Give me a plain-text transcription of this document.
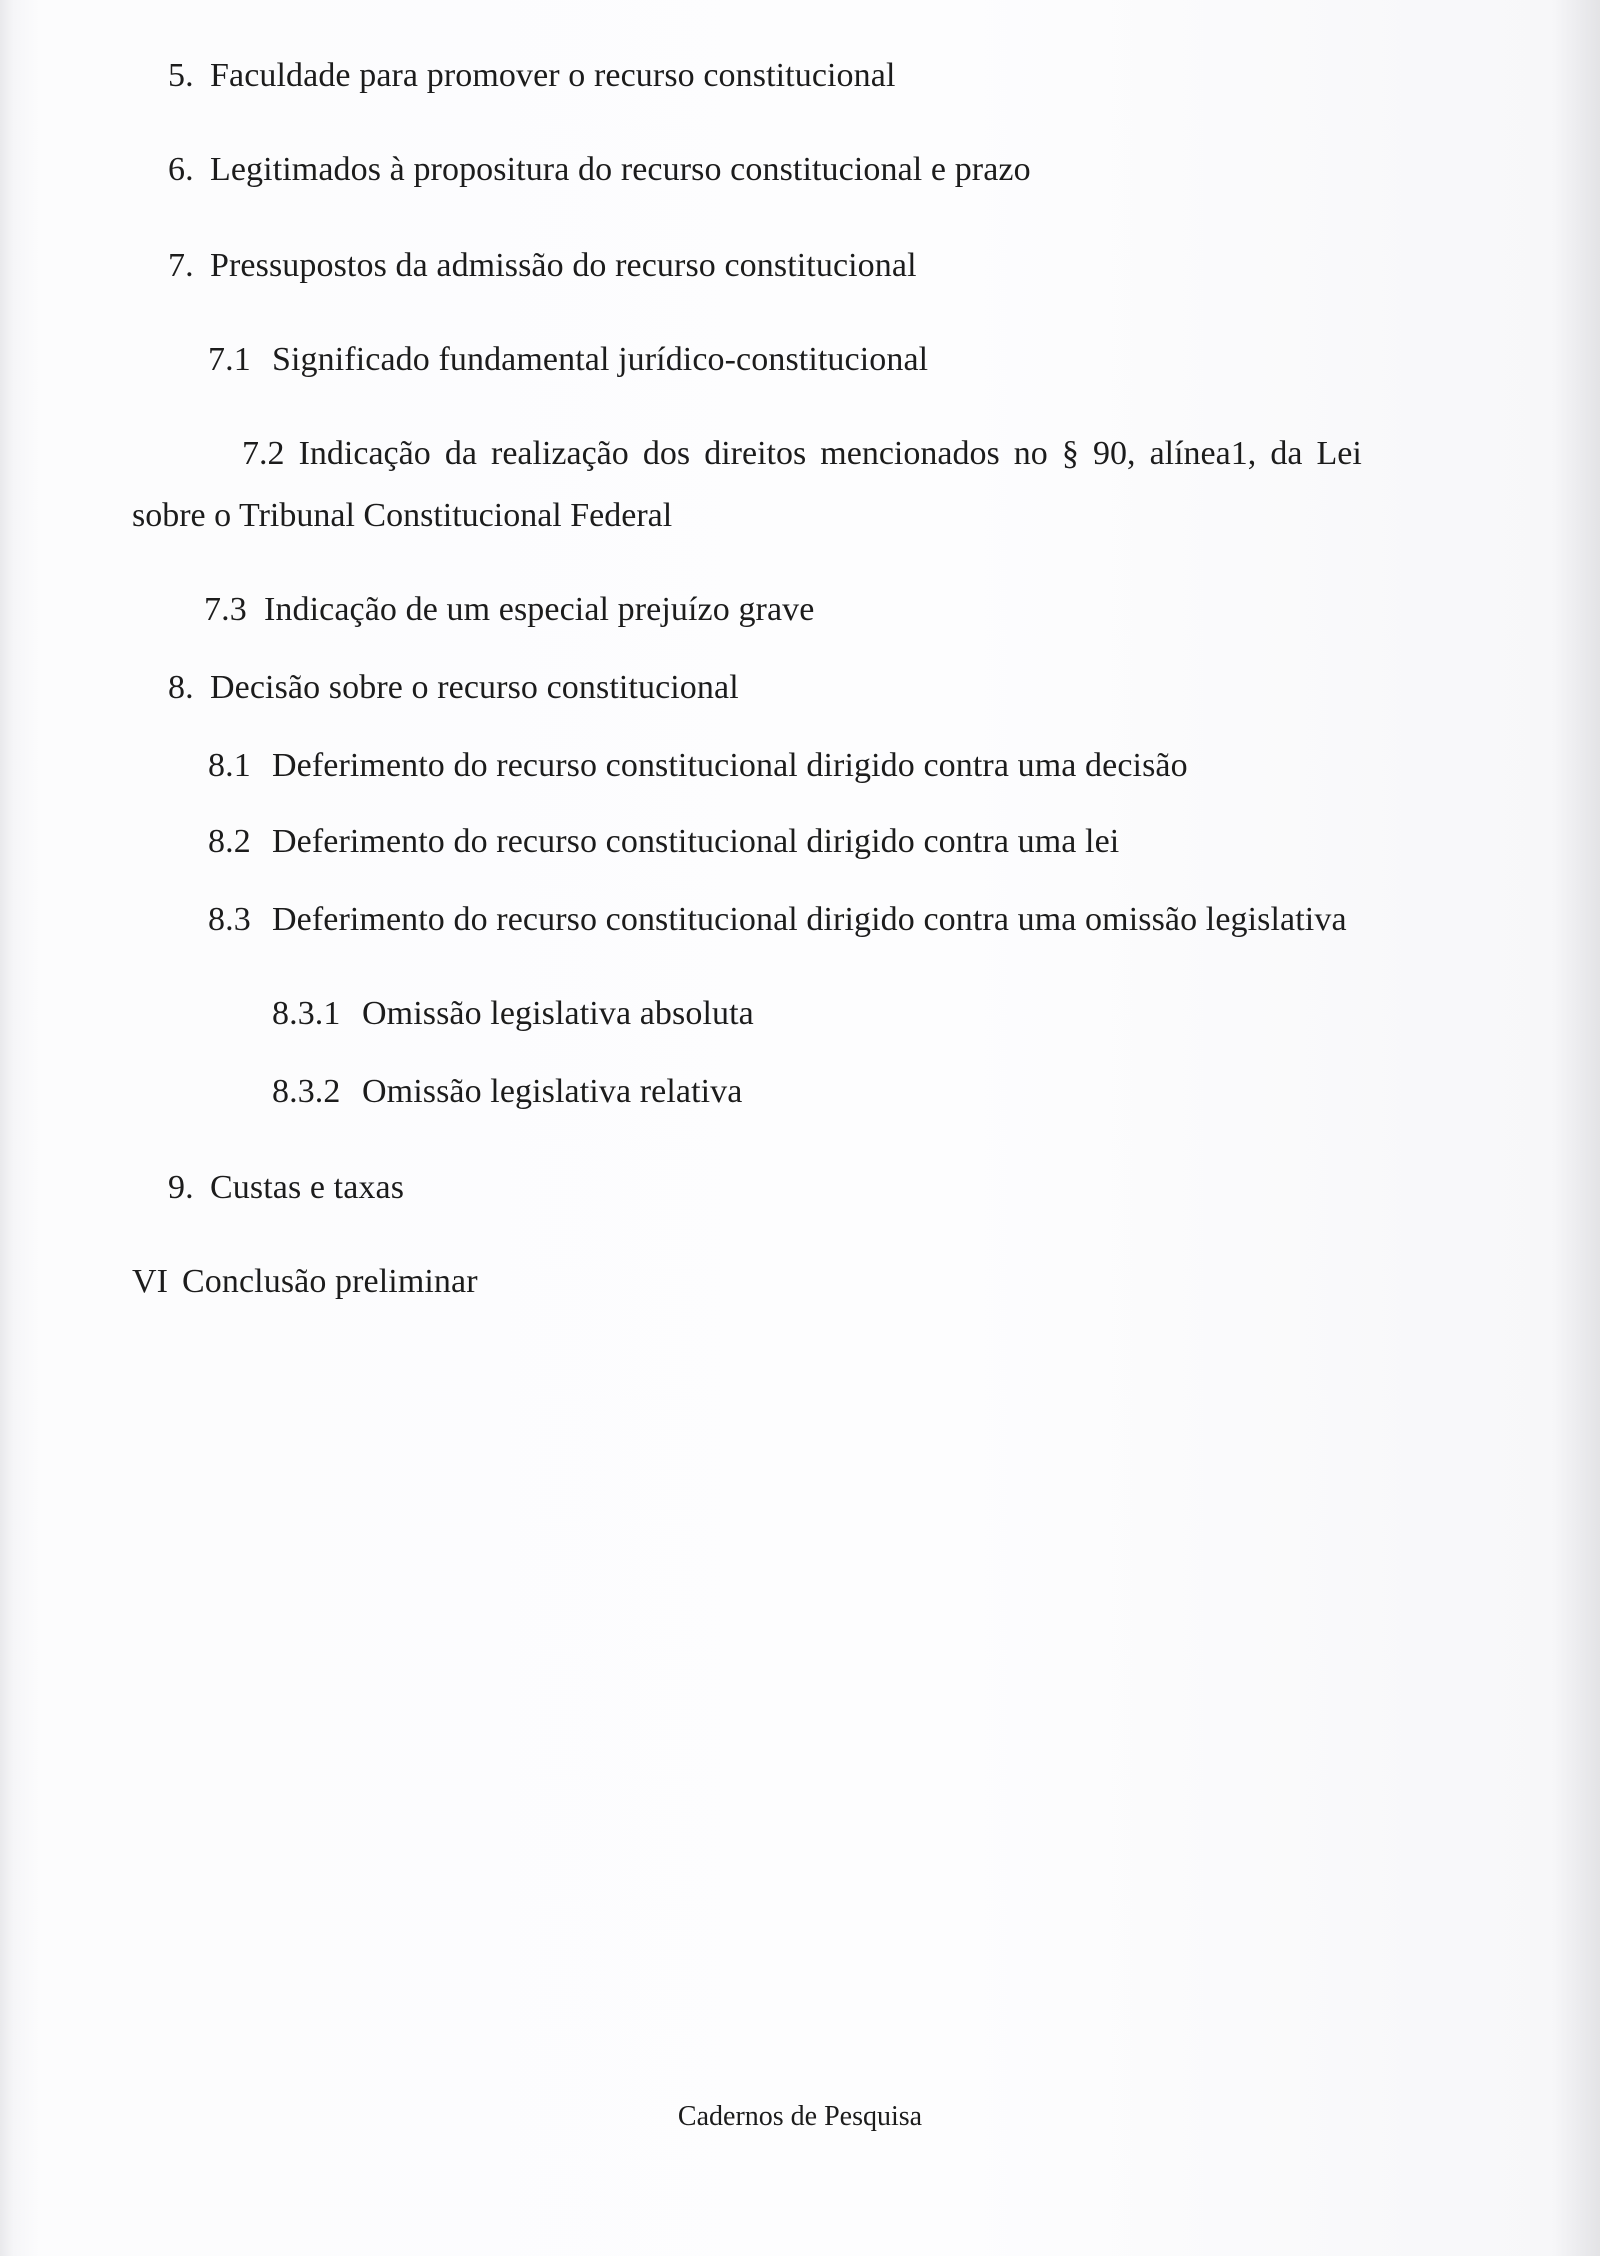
5. Faculdade para promover o recurso constitucional
6. Legitimados à propositura do recurso constitucional e prazo
7. Pressupostos da admissão do recurso constitucional
7.1 Significado fundamental jurídico-constitucional
7.2 Indicação da realização dos direitos mencionados no § 90, alínea1, da Lei
sobre o Tribunal Constitucional Federal
7.3 Indicação de um especial prejuízo grave
8. Decisão sobre o recurso constitucional
8.1 Deferimento do recurso constitucional dirigido contra uma decisão
8.2 Deferimento do recurso constitucional dirigido contra uma lei
8.3 Deferimento do recurso constitucional dirigido contra uma omissão legislativa
8.3.1 Omissão legislativa absoluta
8.3.2 Omissão legislativa relativa
9. Custas e taxas
VI Conclusão preliminar
Cadernos de Pesquisa
